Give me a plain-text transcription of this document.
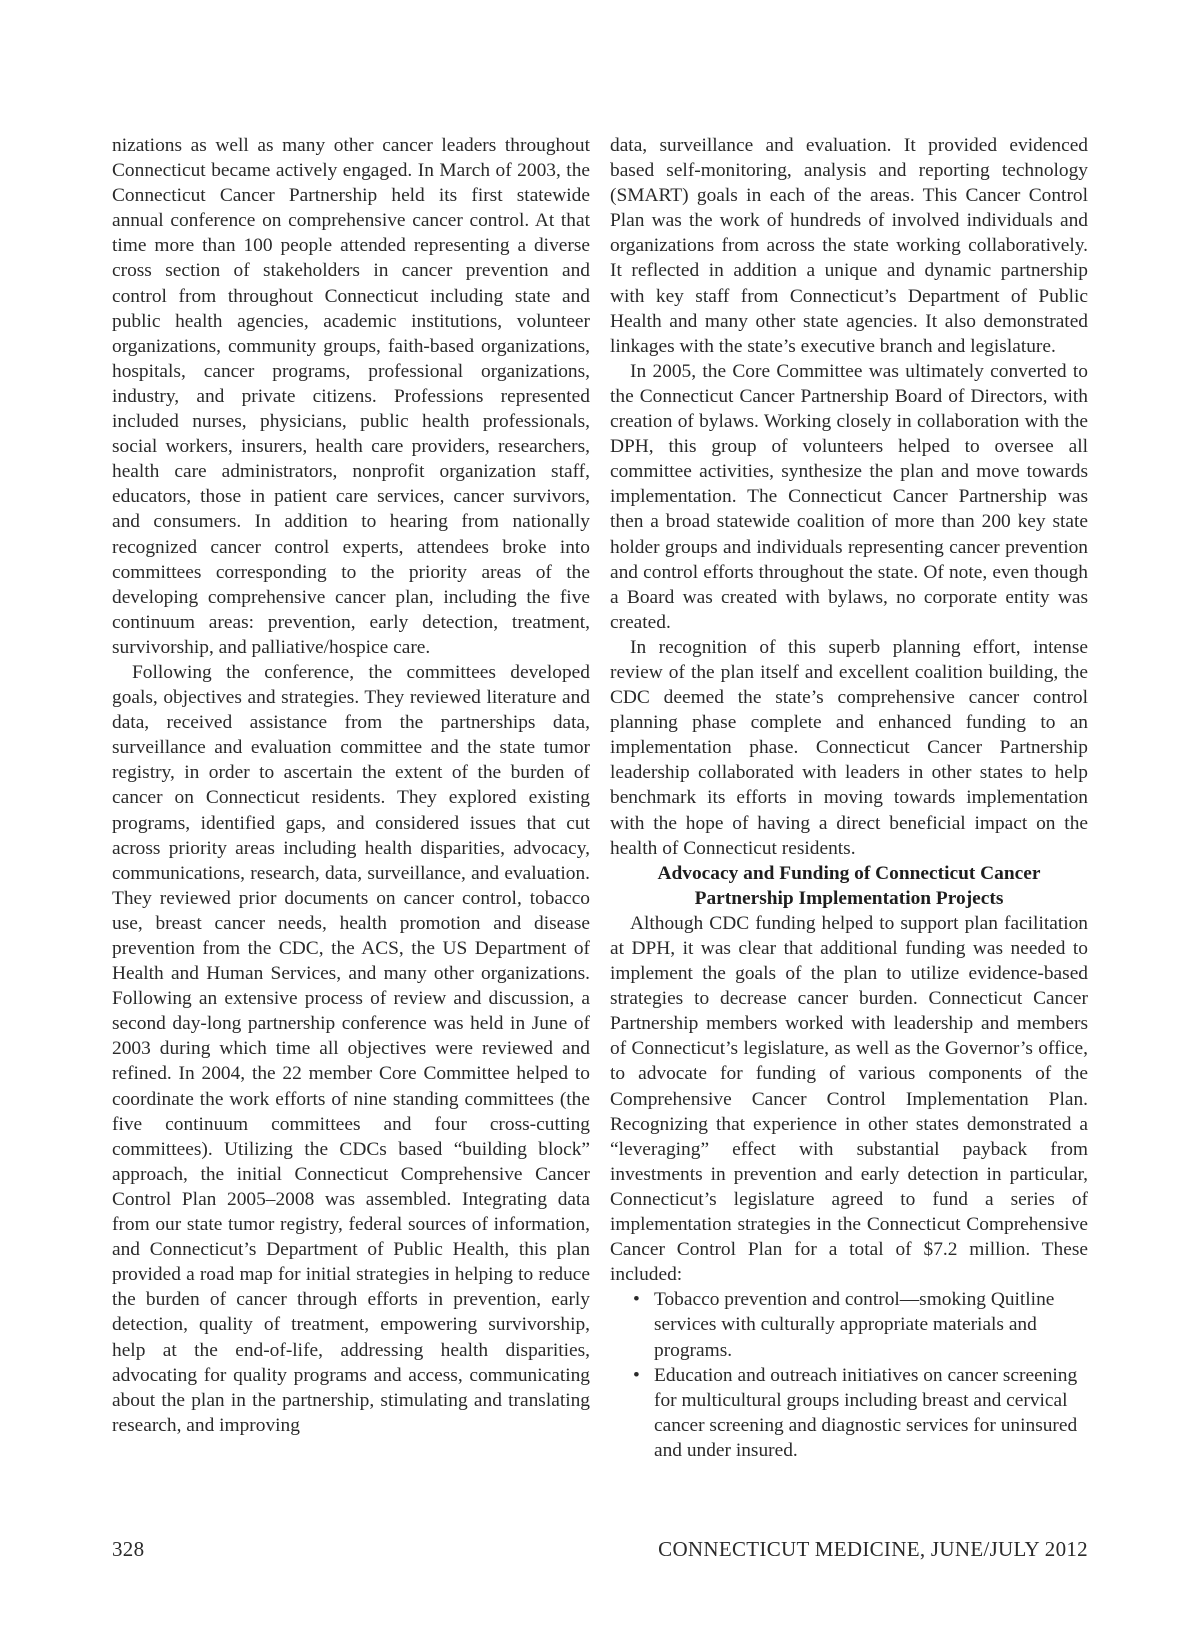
nizations as well as many other cancer leaders throughout Connecticut became actively engaged. In March of 2003, the Connecticut Cancer Partnership held its first statewide annual conference on comprehensive cancer control. At that time more than 100 people attended representing a diverse cross section of stakeholders in cancer prevention and control from throughout Connecticut including state and public health agencies, academic institutions, volunteer organizations, community groups, faith-based organizations, hospitals, cancer programs, professional organizations, industry, and private citizens. Professions represented included nurses, physicians, public health professionals, social workers, insurers, health care providers, researchers, health care administrators, nonprofit organization staff, educators, those in patient care services, cancer survivors, and consumers. In addition to hearing from nationally recognized cancer control experts, attendees broke into committees corresponding to the priority areas of the developing comprehensive cancer plan, including the five continuum areas: prevention, early detection, treatment, survivorship, and palliative/hospice care.

Following the conference, the committees developed goals, objectives and strategies. They reviewed literature and data, received assistance from the partnerships data, surveillance and evaluation committee and the state tumor registry, in order to ascertain the extent of the burden of cancer on Connecticut residents. They explored existing programs, identified gaps, and considered issues that cut across priority areas including health disparities, advocacy, communications, research, data, surveillance, and evaluation. They reviewed prior documents on cancer control, tobacco use, breast cancer needs, health promotion and disease prevention from the CDC, the ACS, the US Department of Health and Human Services, and many other organizations. Following an extensive process of review and discussion, a second day-long partnership conference was held in June of 2003 during which time all objectives were reviewed and refined. In 2004, the 22 member Core Committee helped to coordinate the work efforts of nine standing committees (the five continuum committees and four cross-cutting committees). Utilizing the CDCs based “building block” approach, the initial Connecticut Comprehensive Cancer Control Plan 2005–2008 was assembled. Integrating data from our state tumor registry, federal sources of information, and Connecticut’s Department of Public Health, this plan provided a road map for initial strategies in helping to reduce the burden of cancer through efforts in prevention, early detection, quality of treatment, empowering survivorship, help at the end-of-life, addressing health disparities, advocating for quality programs and access, communicating about the plan in the partnership, stimulating and translating research, and improving

data, surveillance and evaluation. It provided evidenced based self-monitoring, analysis and reporting technology (SMART) goals in each of the areas. This Cancer Control Plan was the work of hundreds of involved individuals and organizations from across the state working collaboratively. It reflected in addition a unique and dynamic partnership with key staff from Connecticut’s Department of Public Health and many other state agencies. It also demonstrated linkages with the state’s executive branch and legislature.

In 2005, the Core Committee was ultimately converted to the Connecticut Cancer Partnership Board of Directors, with creation of bylaws. Working closely in collaboration with the DPH, this group of volunteers helped to oversee all committee activities, synthesize the plan and move towards implementation. The Connecticut Cancer Partnership was then a broad statewide coalition of more than 200 key state holder groups and individuals representing cancer prevention and control efforts throughout the state. Of note, even though a Board was created with bylaws, no corporate entity was created.

In recognition of this superb planning effort, intense review of the plan itself and excellent coalition building, the CDC deemed the state’s comprehensive cancer control planning phase complete and enhanced funding to an implementation phase. Connecticut Cancer Partnership leadership collaborated with leaders in other states to help benchmark its efforts in moving towards implementation with the hope of having a direct beneficial impact on the health of Connecticut residents.

Advocacy and Funding of Connecticut Cancer
Partnership Implementation Projects

Although CDC funding helped to support plan facilitation at DPH, it was clear that additional funding was needed to implement the goals of the plan to utilize evidence-based strategies to decrease cancer burden. Connecticut Cancer Partnership members worked with leadership and members of Connecticut’s legislature, as well as the Governor’s office, to advocate for funding of various components of the Comprehensive Cancer Control Implementation Plan. Recognizing that experience in other states demonstrated a “leveraging” effect with substantial payback from investments in prevention and early detection in particular, Connecticut’s legislature agreed to fund a series of implementation strategies in the Connecticut Comprehensive Cancer Control Plan for a total of $7.2 million. These included:

• Tobacco prevention and control—smoking Quitline services with culturally appropriate materials and programs.
• Education and outreach initiatives on cancer screening for multicultural groups including breast and cervical cancer screening and diagnostic services for uninsured and under insured.
328	CONNECTICUT MEDICINE, JUNE/JULY 2012
